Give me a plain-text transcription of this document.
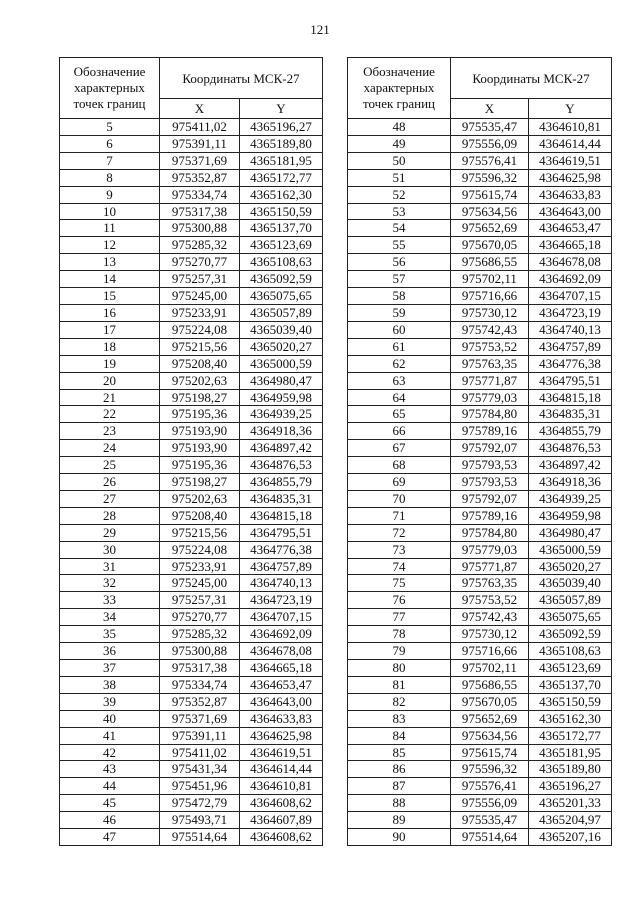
121
Обозначение характерных точек границ	Координаты МСК-27	
	X	Y
5	975411,02	4365196,27
6	975391,11	4365189,80
7	975371,69	4365181,95
8	975352,87	4365172,77
9	975334,74	4365162,30
10	975317,38	4365150,59
11	975300,88	4365137,70
12	975285,32	4365123,69
13	975270,77	4365108,63
14	975257,31	4365092,59
15	975245,00	4365075,65
16	975233,91	4365057,89
17	975224,08	4365039,40
18	975215,56	4365020,27
19	975208,40	4365000,59
20	975202,63	4364980,47
21	975198,27	4364959,98
22	975195,36	4364939,25
23	975193,90	4364918,36
24	975193,90	4364897,42
25	975195,36	4364876,53
26	975198,27	4364855,79
27	975202,63	4364835,31
28	975208,40	4364815,18
29	975215,56	4364795,51
30	975224,08	4364776,38
31	975233,91	4364757,89
32	975245,00	4364740,13
33	975257,31	4364723,19
34	975270,77	4364707,15
35	975285,32	4364692,09
36	975300,88	4364678,08
37	975317,38	4364665,18
38	975334,74	4364653,47
39	975352,87	4364643,00
40	975371,69	4364633,83
41	975391,11	4364625,98
42	975411,02	4364619,51
43	975431,34	4364614,44
44	975451,96	4364610,81
45	975472,79	4364608,62
46	975493,71	4364607,89
47	975514,64	4364608,62
Обозначение характерных точек границ	Координаты МСК-27	
	X	Y
48	975535,47	4364610,81
49	975556,09	4364614,44
50	975576,41	4364619,51
51	975596,32	4364625,98
52	975615,74	4364633,83
53	975634,56	4364643,00
54	975652,69	4364653,47
55	975670,05	4364665,18
56	975686,55	4364678,08
57	975702,11	4364692,09
58	975716,66	4364707,15
59	975730,12	4364723,19
60	975742,43	4364740,13
61	975753,52	4364757,89
62	975763,35	4364776,38
63	975771,87	4364795,51
64	975779,03	4364815,18
65	975784,80	4364835,31
66	975789,16	4364855,79
67	975792,07	4364876,53
68	975793,53	4364897,42
69	975793,53	4364918,36
70	975792,07	4364939,25
71	975789,16	4364959,98
72	975784,80	4364980,47
73	975779,03	4365000,59
74	975771,87	4365020,27
75	975763,35	4365039,40
76	975753,52	4365057,89
77	975742,43	4365075,65
78	975730,12	4365092,59
79	975716,66	4365108,63
80	975702,11	4365123,69
81	975686,55	4365137,70
82	975670,05	4365150,59
83	975652,69	4365162,30
84	975634,56	4365172,77
85	975615,74	4365181,95
86	975596,32	4365189,80
87	975576,41	4365196,27
88	975556,09	4365201,33
89	975535,47	4365204,97
90	975514,64	4365207,16
